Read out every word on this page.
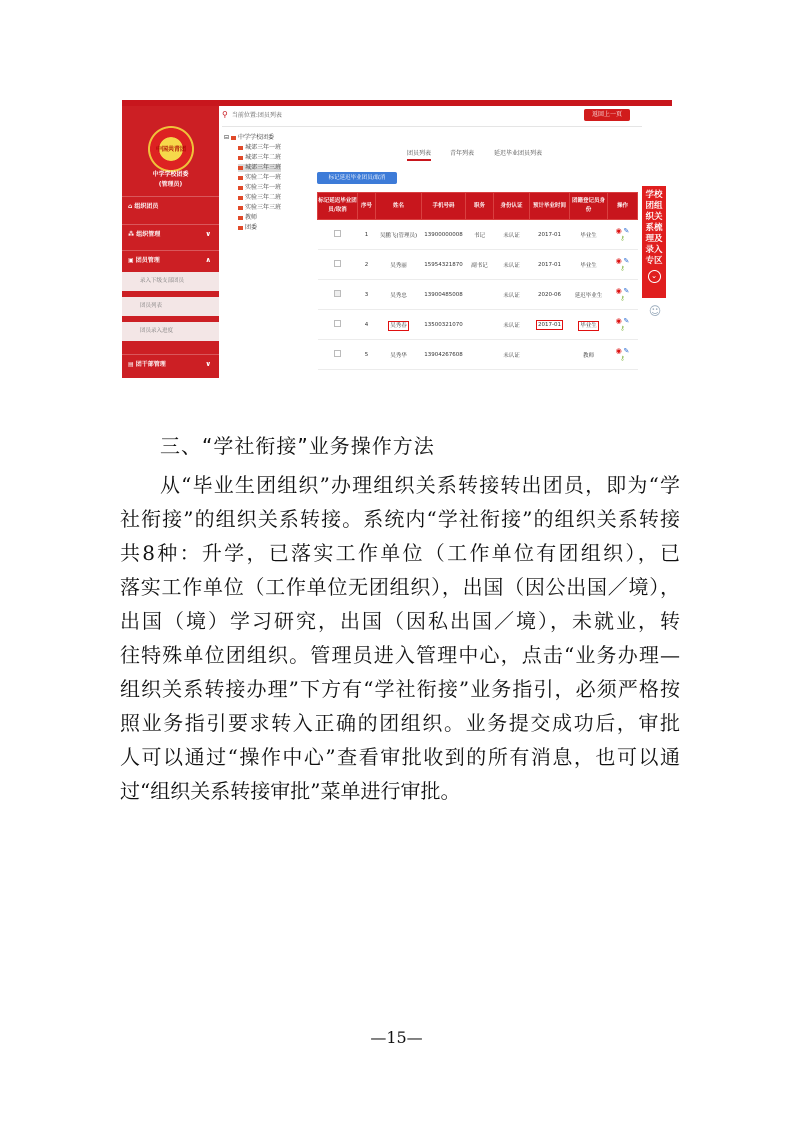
中国共青团
中学学校团委
(管理员)
⌂ 组织团员
⁂ 组织管理	∨
▣ 团员管理	∧
录入下级支部团员
团员列表
团员录入进度
▤ 团干部管理	∨
⚲ 当前位置:团员列表	返回上一页
⊟ 中学学校团委
城郊三年一班
城郊三年二班
城郊三年三班
实验二年一班
实验三年一班
实验三年二班
实验三年三班
教师
团委
团员列表	青年列表	延迟毕业团员列表
标记延迟毕业团员/取消
标记延迟毕业团员/取消	序号	姓名	手机号码	职务	身份认证	预计毕业时间	团籍登记员身份	操作
	1	吴鹏飞(管理员)	13900000008	书记	未认证	2017-01	毕业生	◉ ✎
⚷
	2	吴秀丽	15954321870	副书记	未认证	2017-01	毕业生	◉ ✎
⚷
	3	吴秀忠	13900485008		未认证	2020-06	延迟毕业生	◉ ✎
⚷
	4	吴秀春	13500321070		未认证	2017-01	毕业生	◉ ✎
⚷
	5	吴秀华	13904267608		未认证		教师	◉ ✎
⚷
学校
团组
织关
系梳
理及
录入
专区
⌄
☺
三、“学社衔接”业务操作方法
从“毕业生团组织”办理组织关系转接转出团员，即为“学
社衔接”的组织关系转接。系统内“学社衔接”的组织关系转接
共8种：升学，已落实工作单位（工作单位有团组织），已
落实工作单位（工作单位无团组织），出国（因公出国／境），
出国（境）学习研究，出国（因私出国／境），未就业，转
往特殊单位团组织。管理员进入管理中心，点击“业务办理—
组织关系转接办理”下方有“学社衔接”业务指引，必须严格按
照业务指引要求转入正确的团组织。业务提交成功后，审批
人可以通过“操作中心”查看审批收到的所有消息，也可以通
过“组织关系转接审批”菜单进行审批。
—15—
